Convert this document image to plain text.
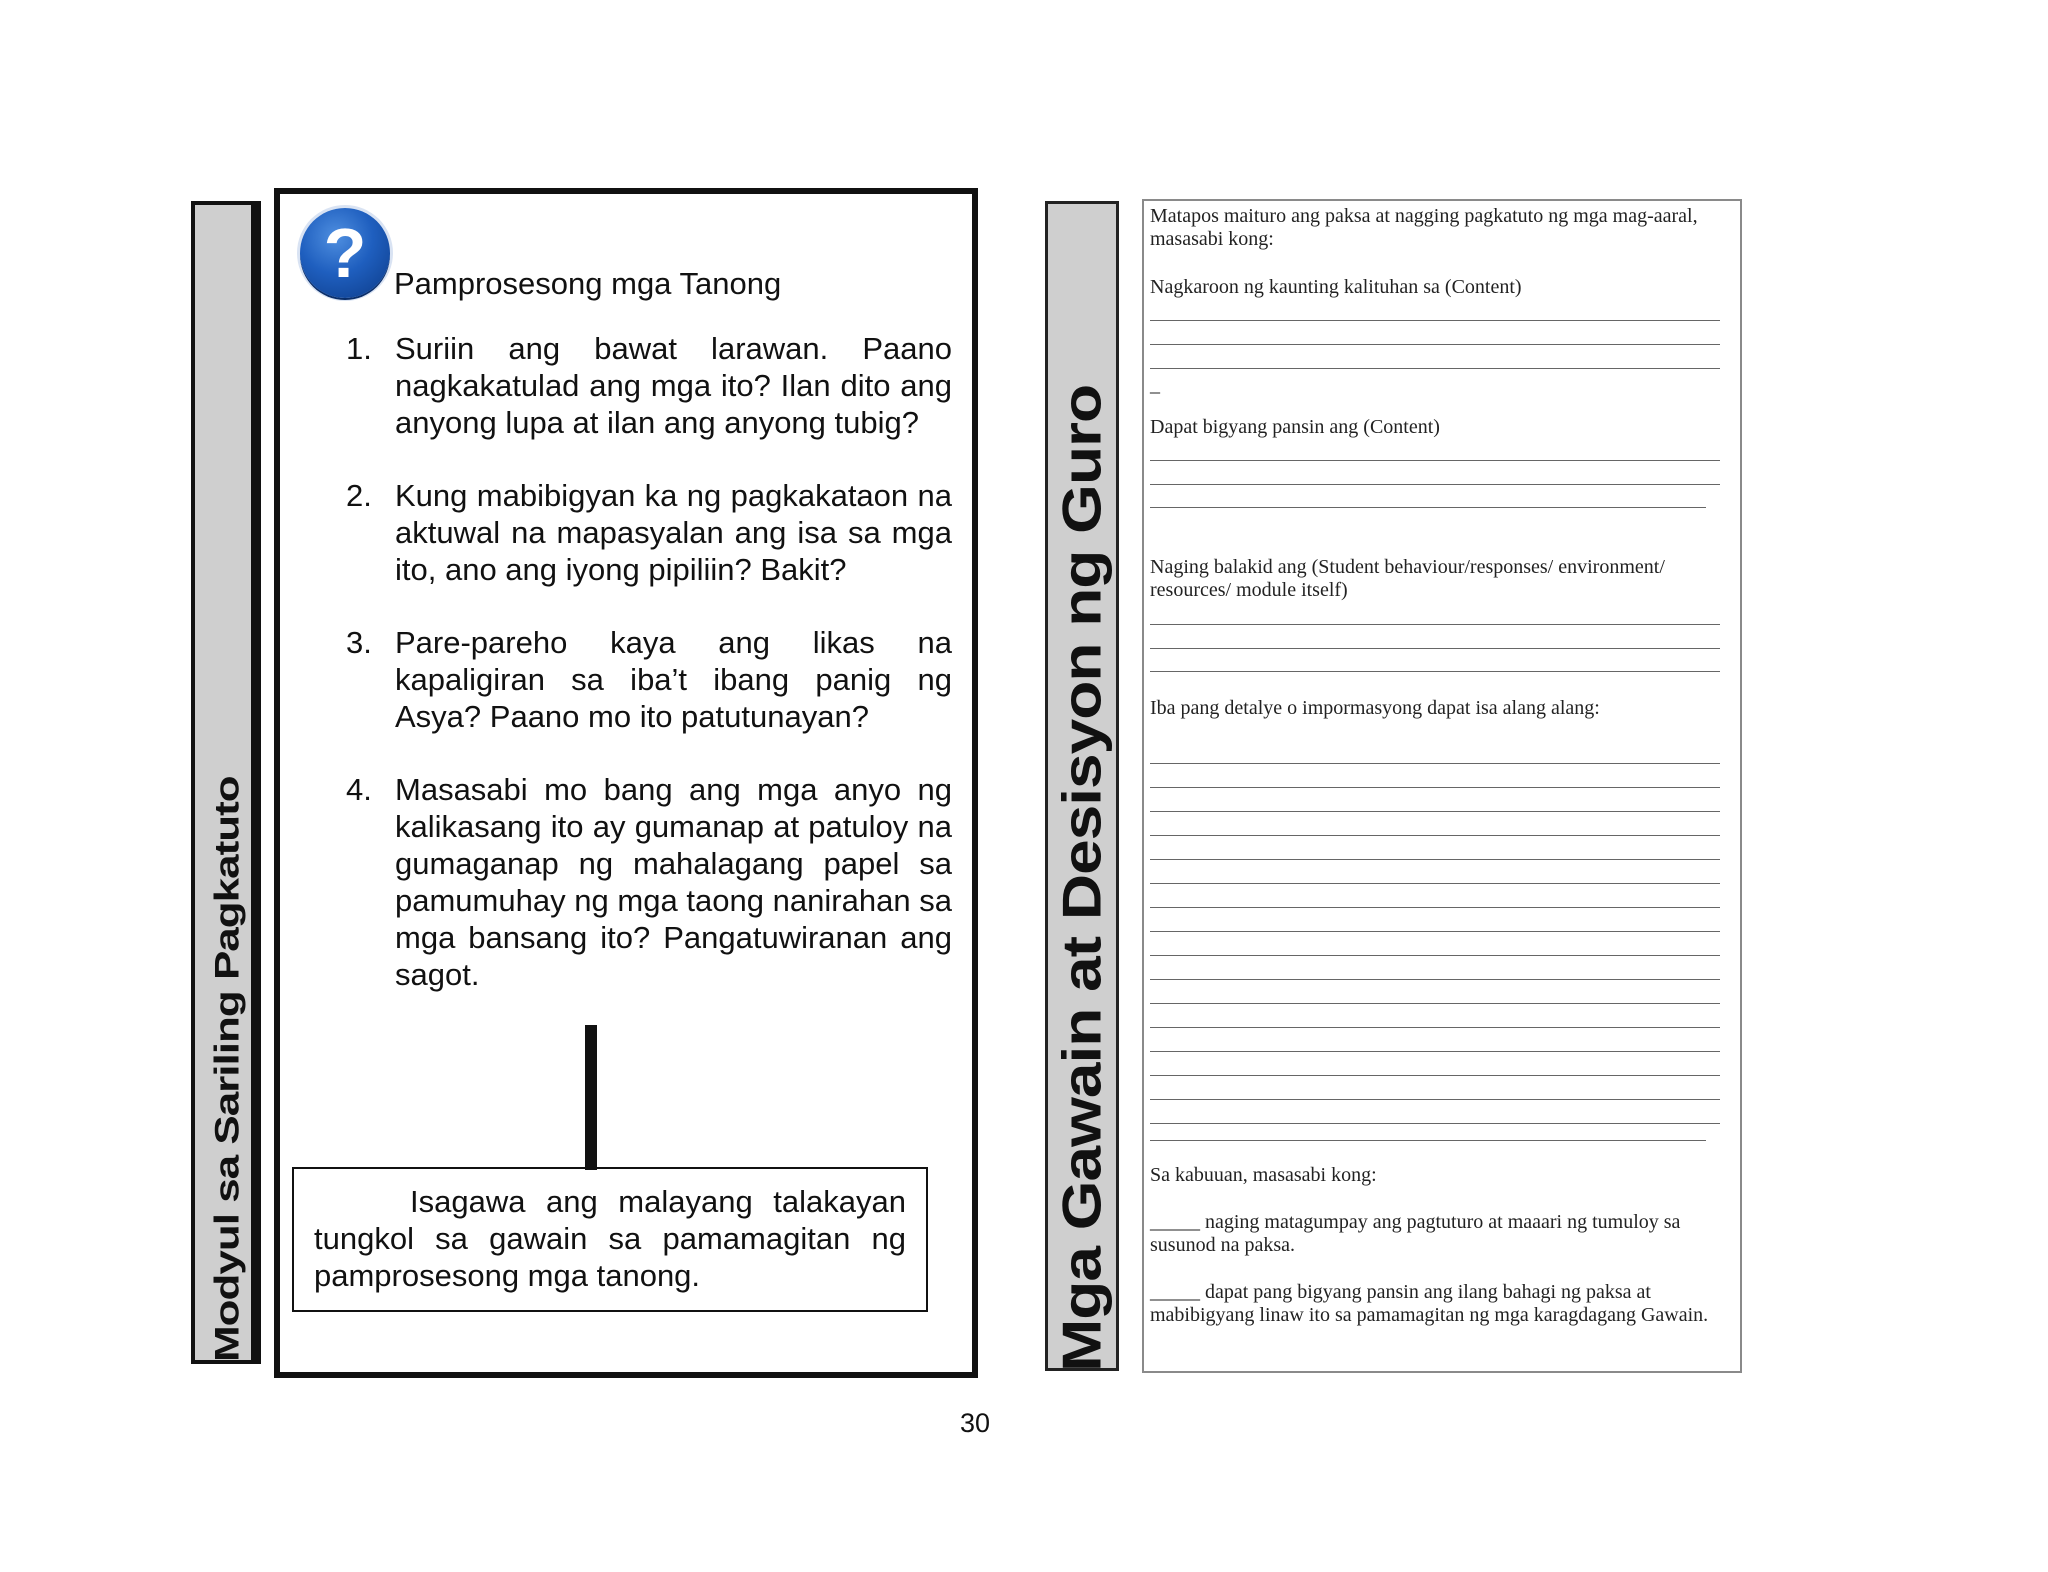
Modyul sa Sariling Pagkatuto
? Pamprosesong mga Tanong
1. Suriin ang bawat larawan. Paano nagkakatulad ang mga ito? Ilan dito ang anyong lupa at ilan ang anyong tubig?
2. Kung mabibigyan ka ng pagkakataon na aktuwal na mapasyalan ang isa sa mga ito, ano ang iyong pipiliin? Bakit?
3. Pare-pareho kaya ang likas na kapaligiran sa iba’t ibang panig ng Asya? Paano mo ito patutunayan?
4. Masasabi mo bang ang mga anyo ng kalikasang ito ay gumanap at patuloy na gumaganap ng mahalagang papel sa pamumuhay ng mga taong nanirahan sa mga bansang ito? Pangatuwiranan ang sagot.
Isagawa ang malayang talakayan tungkol sa gawain sa pamamagitan ng pamprosesong mga tanong.
30
Mga Gawain at Desisyon ng Guro
Matapos maituro ang paksa at nagging pagkatuto ng mga mag-aaral, masasabi kong:
Nagkaroon ng kaunting kalituhan sa (Content)
_
Dapat bigyang pansin ang (Content)
Naging balakid ang (Student behaviour/responses/ environment/ resources/ module itself)
Iba pang detalye o impormasyong dapat isa alang alang:
Sa kabuuan, masasabi kong:
_____ naging matagumpay ang pagtuturo at maaari ng tumuloy sa susunod na paksa.
_____ dapat pang bigyang pansin ang ilang bahagi ng paksa at mabibigyang linaw ito sa pamamagitan ng mga karagdagang Gawain.
